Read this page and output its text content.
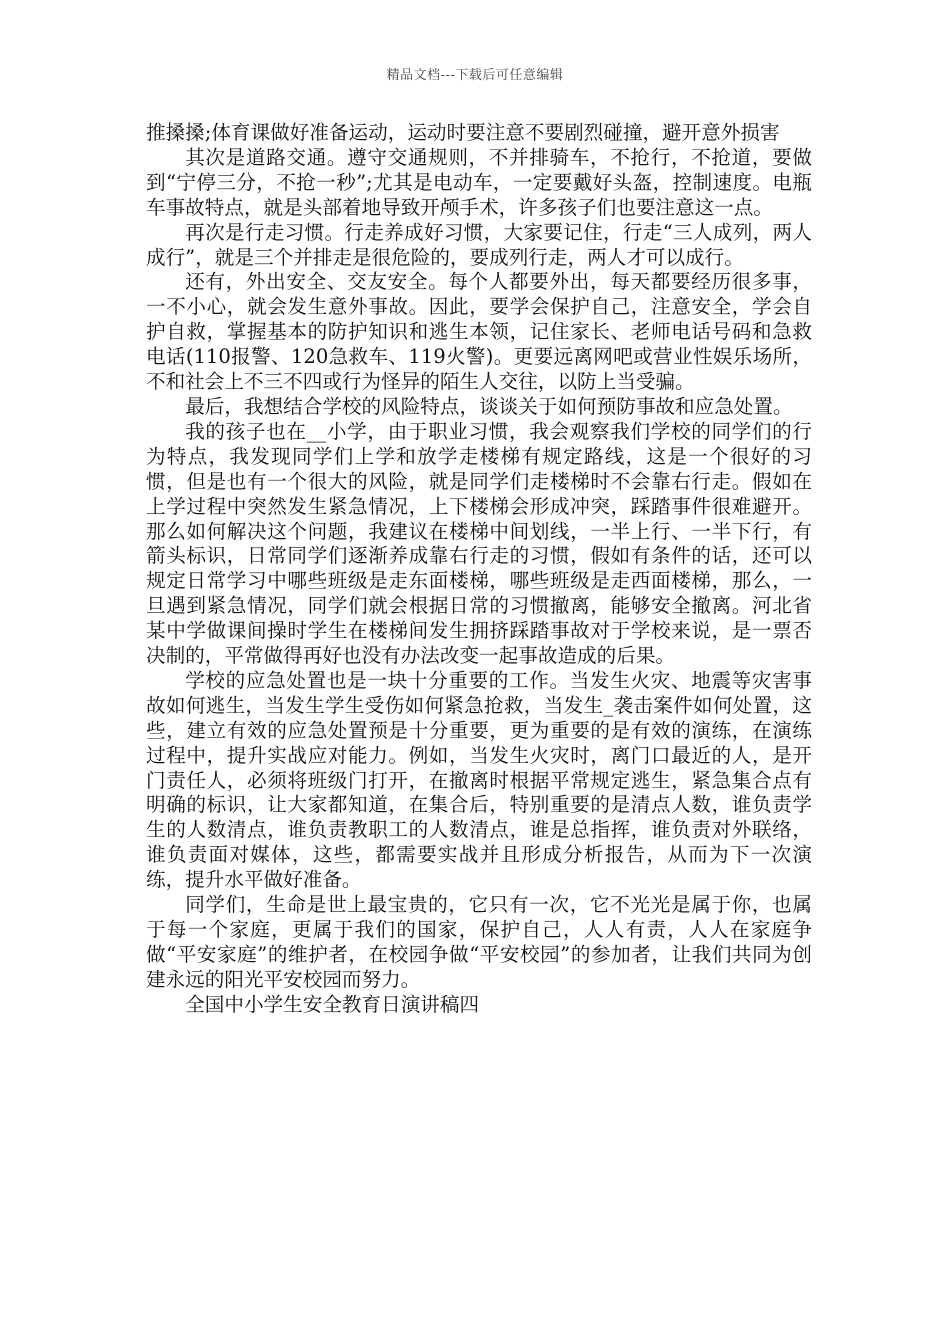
精品文档---下载后可任意编辑

推搡搡;体育课做好准备运动，运动时要注意不要剧烈碰撞，避开意外损害

其次是道路交通。遵守交通规则，不并排骑车，不抢行，不抢道，要做到“宁停三分，不抢一秒”;尤其是电动车，一定要戴好头盔，控制速度。电瓶车事故特点，就是头部着地导致开颅手术，许多孩子们也要注意这一点。

再次是行走习惯。行走养成好习惯，大家要记住，行走“三人成列，两人成行”，就是三个并排走是很危险的，要成列行走，两人才可以成行。

还有，外出安全、交友安全。每个人都要外出，每天都要经历很多事，一不小心，就会发生意外事故。因此，要学会保护自己，注意安全，学会自护自救，掌握基本的防护知识和逃生本领，记住家长、老师电话号码和急救电话(110报警、120急救车、119火警)。更要远离网吧或营业性娱乐场所，不和社会上不三不四或行为怪异的陌生人交往，以防上当受骗。

最后，我想结合学校的风险特点，谈谈关于如何预防事故和应急处置。

我的孩子也在__小学，由于职业习惯，我会观察我们学校的同学们的行为特点，我发现同学们上学和放学走楼梯有规定路线，这是一个很好的习惯，但是也有一个很大的风险，就是同学们走楼梯时不会靠右行走。假如在上学过程中突然发生紧急情况，上下楼梯会形成冲突，踩踏事件很难避开。那么如何解决这个问题，我建议在楼梯中间划线，一半上行、一半下行，有箭头标识，日常同学们逐渐养成靠右行走的习惯，假如有条件的话，还可以规定日常学习中哪些班级是走东面楼梯，哪些班级是走西面楼梯，那么，一旦遇到紧急情况，同学们就会根据日常的习惯撤离，能够安全撤离。河北省某中学做课间操时学生在楼梯间发生拥挤踩踏事故对于学校来说，是一票否决制的，平常做得再好也没有办法改变一起事故造成的后果。

学校的应急处置也是一块十分重要的工作。当发生火灾、地震等灾害事故如何逃生，当发生学生受伤如何紧急抢救，当发生_袭击案件如何处置，这些，建立有效的应急处置预是十分重要，更为重要的是有效的演练，在演练过程中，提升实战应对能力。例如，当发生火灾时，离门口最近的人，是开门责任人，必须将班级门打开，在撤离时根据平常规定逃生，紧急集合点有明确的标识，让大家都知道，在集合后，特别重要的是清点人数，谁负责学生的人数清点，谁负责教职工的人数清点，谁是总指挥，谁负责对外联络，谁负责面对媒体，这些，都需要实战并且形成分析报告，从而为下一次演练，提升水平做好准备。

同学们，生命是世上最宝贵的，它只有一次，它不光光是属于你，也属于每一个家庭，更属于我们的国家，保护自己，人人有责，人人在家庭争做“平安家庭”的维护者，在校园争做“平安校园”的参加者，让我们共同为创建永远的阳光平安校园而努力。

全国中小学生安全教育日演讲稿四
